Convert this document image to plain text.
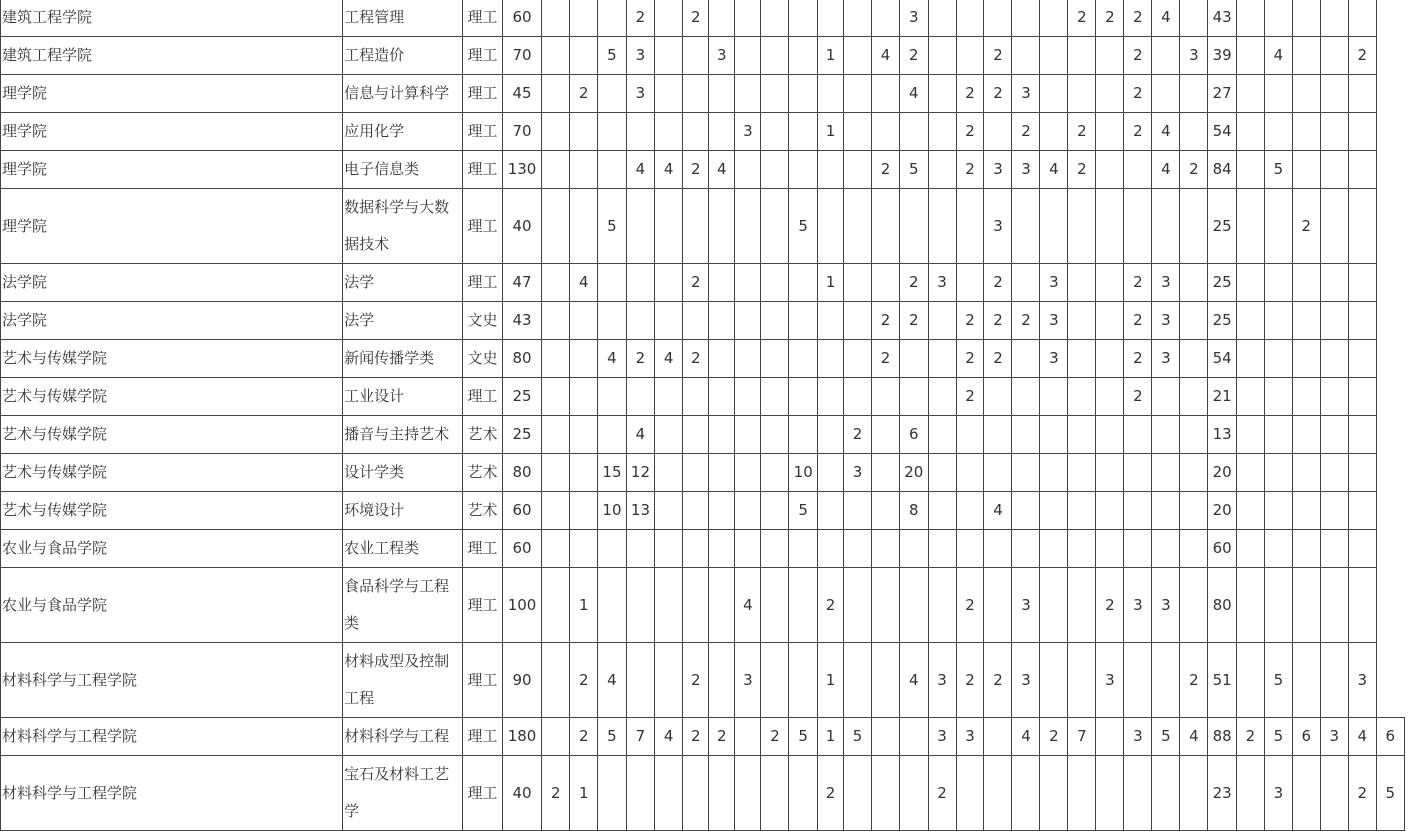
建筑工程学院	工程管理	理工	60				2		2								3						2	2	2	4		43						
建筑工程学院	工程造价	理工	70			5	3			3				1		4	2			2					2		3	39		4			2	
理学院	信息与计算科学	理工	45		2		3										4		2	2	3				2			27						
理学院	应用化学	理工	70								3			1					2		2		2		2	4		54						
理学院	电子信息类	理工	130				4	4	2	4						2	5		2	3	3	4	2			4	2	84		5				
理学院	数据科学与大数据技术	理工	40			5							5							3								25			2			
法学院	法学	理工	47		4				2					1			2	3		2		3			2	3		25						
法学院	法学	文史	43													2	2		2	2	2	3			2	3		25						
艺术与传媒学院	新闻传播学类	文史	80			4	2	4	2							2			2	2		3			2	3		54						
艺术与传媒学院	工业设计	理工	25																2						2			21						
艺术与传媒学院	播音与主持艺术	艺术	25				4								2		6											13						
艺术与传媒学院	设计学类	艺术	80			15	12						10		3		20											20						
艺术与传媒学院	环境设计	艺术	60			10	13						5				8			4								20						
农业与食品学院	农业工程类	理工	60																									60						
农业与食品学院	食品科学与工程类	理工	100		1						4			2					2		3			2	3	3		80						
材料科学与工程学院	材料成型及控制工程	理工	90		2	4			2		3			1			4	3	2	2	3			3			2	51		5			3	
材料科学与工程学院	材料科学与工程	理工	180		2	5	7	4	2	2		2	5	1	5			3	3		4	2	7		3	5	4	88	2	5	6	3	4	6
材料科学与工程学院	宝石及材料工艺学	理工	40	2	1									2				2										23		3			2	5
